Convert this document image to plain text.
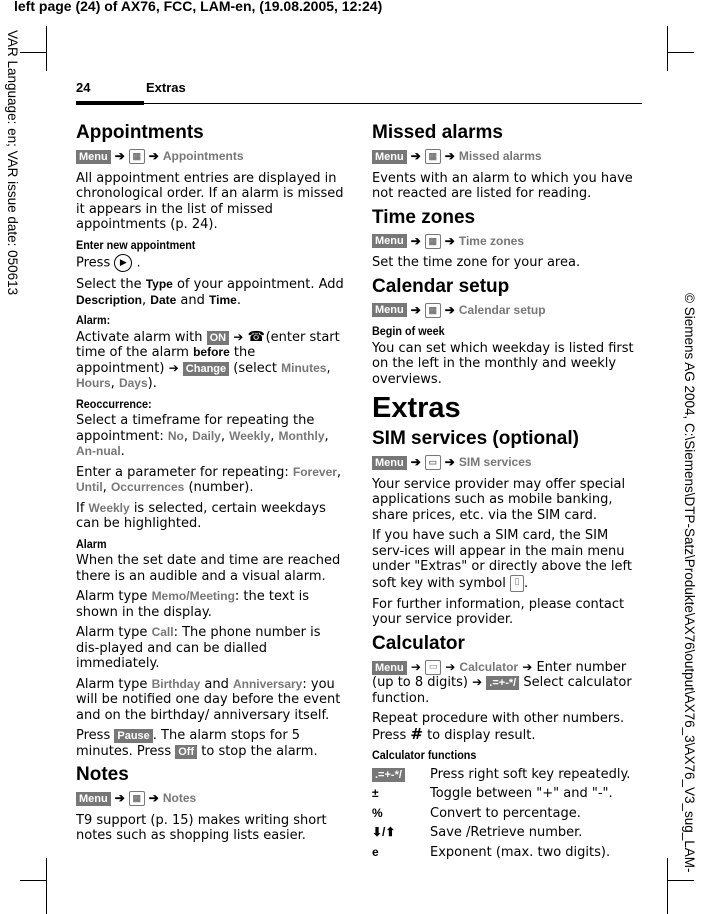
left page (24) of AX76, FCC, LAM-en, (19.08.2005, 12:24)
VAR Language: en; VAR issue date: 050613
© Siemens AG 2004, C:\Siemens\DTP-Satz\Produkte\AX76\output\AX76_3\AX76_V3_sug_LAM-
24	Extras
Appointments
Menu ➔ ▦ ➔ Appointments

All appointment entries are displayed in chronological order. If an alarm is missed it appears in the list of missed appointments (p. 24).

Enter new appointment

Press ▶ .

Select the Type of your appointment. Add Description, Date and Time.

Alarm:

Activate alarm with ON ➔ ☎ (enter start time of the alarm before the appointment) ➔ Change (select Minutes, Hours, Days).

Reoccurrence:

Select a timeframe for repeating the appointment: No, Daily, Weekly, Monthly, An-nual.

Enter a parameter for repeating: Forever, Until, Occurrences (number).

If Weekly is selected, certain weekdays can be highlighted.

Alarm

When the set date and time are reached there is an audible and a visual alarm.

Alarm type Memo/Meeting: the text is shown in the display.

Alarm type Call: The phone number is dis-played and can be dialled immediately.

Alarm type Birthday and Anniversary: you will be notified one day before the event and on the birthday/ anniversary itself.

Press Pause . The alarm stops for 5 minutes. Press Off to stop the alarm.

Notes
Menu ➔ ▦ ➔ Notes

T9 support (p. 15) makes writing short notes such as shopping lists easier.

Missed alarms
Menu ➔ ▦ ➔ Missed alarms

Events with an alarm to which you have not reacted are listed for reading.

Time zones
Menu ➔ ▦ ➔ Time zones

Set the time zone for your area.

Calendar setup
Menu ➔ ▦ ➔ Calendar setup
Begin of week

You can set which weekday is listed first on the left in the monthly and weekly overviews.

Extras
SIM services (optional)
Menu ➔ ▭ ➔ SIM services

Your service provider may offer special applications such as mobile banking, share prices, etc. via the SIM card.

If you have such a SIM card, the SIM serv-ices will appear in the main menu under "Extras" or directly above the left soft key with symbol ▯ .

For further information, please contact your service provider.

Calculator

Menu ➔ ▭ ➔ Calculator ➔ Enter number (up to 8 digits) ➔ .=+-*/ Select calculator function.

Repeat procedure with other numbers. Press # to display result.

Calculator functions
.=+-*/	Press right soft key repeatedly.
±	Toggle between "+" and "-".
%	Convert to percentage.
⬇/⬆	Save /Retrieve number.
e	Exponent (max. two digits).
